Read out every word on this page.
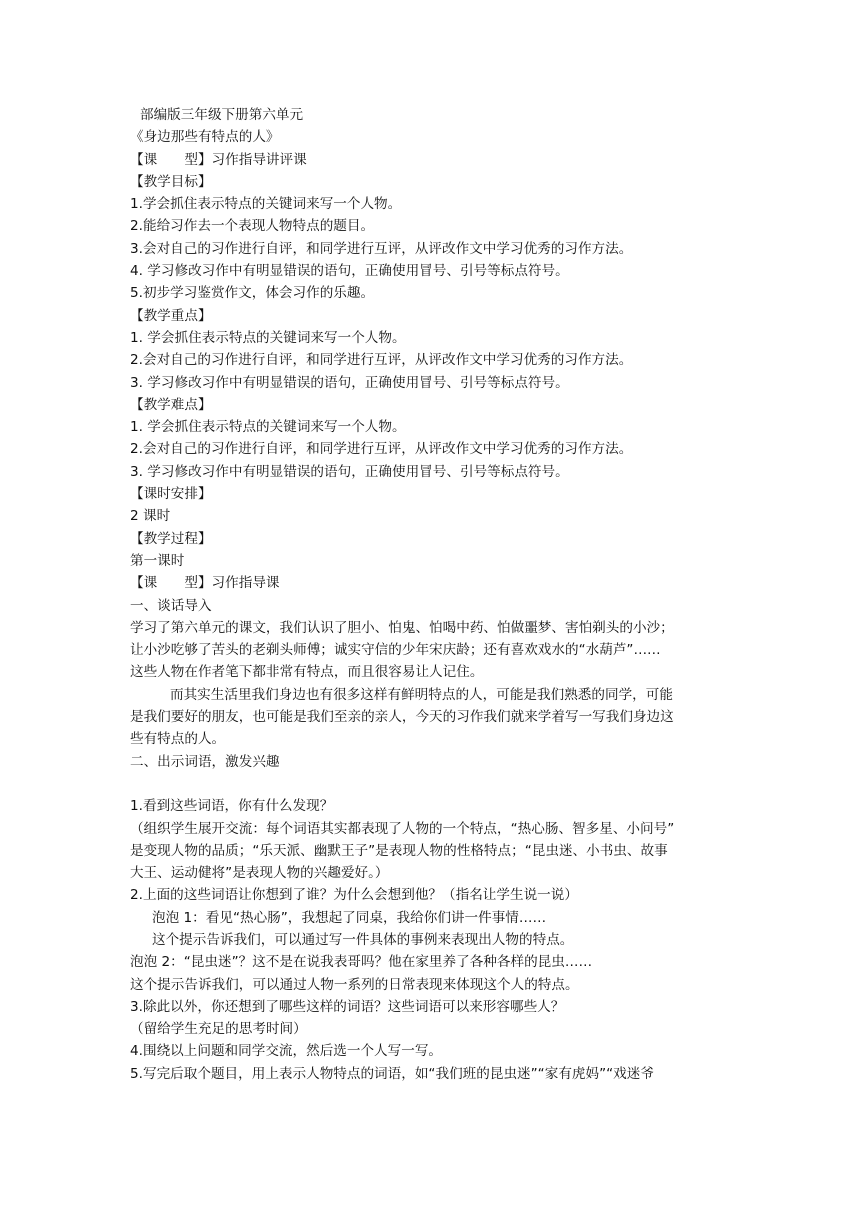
部编版三年级下册第六单元
《身边那些有特点的人》
【课　　型】习作指导讲评课
【教学目标】
1.学会抓住表示特点的关键词来写一个人物。
2.能给习作去一个表现人物特点的题目。
3.会对自己的习作进行自评，和同学进行互评，从评改作文中学习优秀的习作方法。
4. 学习修改习作中有明显错误的语句，正确使用冒号、引号等标点符号。
5.初步学习鉴赏作文，体会习作的乐趣。
【教学重点】
1. 学会抓住表示特点的关键词来写一个人物。
2.会对自己的习作进行自评，和同学进行互评，从评改作文中学习优秀的习作方法。
3. 学习修改习作中有明显错误的语句，正确使用冒号、引号等标点符号。
【教学难点】
1. 学会抓住表示特点的关键词来写一个人物。
2.会对自己的习作进行自评，和同学进行互评，从评改作文中学习优秀的习作方法。
3. 学习修改习作中有明显错误的语句，正确使用冒号、引号等标点符号。
【课时安排】
2 课时
【教学过程】
第一课时
【课　　型】习作指导课
一、谈话导入
学习了第六单元的课文，我们认识了胆小、怕鬼、怕喝中药、怕做噩梦、害怕剃头的小沙；
让小沙吃够了苦头的老剃头师傅；诚实守信的少年宋庆龄；还有喜欢戏水的“水葫芦”……
这些人物在作者笔下都非常有特点，而且很容易让人记住。
而其实生活里我们身边也有很多这样有鲜明特点的人，可能是我们熟悉的同学，可能
是我们要好的朋友，也可能是我们至亲的亲人，今天的习作我们就来学着写一写我们身边这
些有特点的人。
二、出示词语，激发兴趣
1.看到这些词语，你有什么发现？
（组织学生展开交流：每个词语其实都表现了人物的一个特点，“热心肠、智多星、小问号”
是变现人物的品质；“乐天派、幽默王子”是表现人物的性格特点；“昆虫迷、小书虫、故事
大王、运动健将”是表现人物的兴趣爱好。）
2.上面的这些词语让你想到了谁？为什么会想到他？（指名让学生说一说）
泡泡 1：看见“热心肠”，我想起了同桌，我给你们讲一件事情……
这个提示告诉我们，可以通过写一件具体的事例来表现出人物的特点。
泡泡 2：“昆虫迷”？这不是在说我表哥吗？他在家里养了各种各样的昆虫……
这个提示告诉我们，可以通过人物一系列的日常表现来体现这个人的特点。
3.除此以外，你还想到了哪些这样的词语？这些词语可以来形容哪些人？
（留给学生充足的思考时间）
4.围绕以上问题和同学交流，然后选一个人写一写。
5.写完后取个题目，用上表示人物特点的词语，如“我们班的昆虫迷”“家有虎妈”“戏迷爷
